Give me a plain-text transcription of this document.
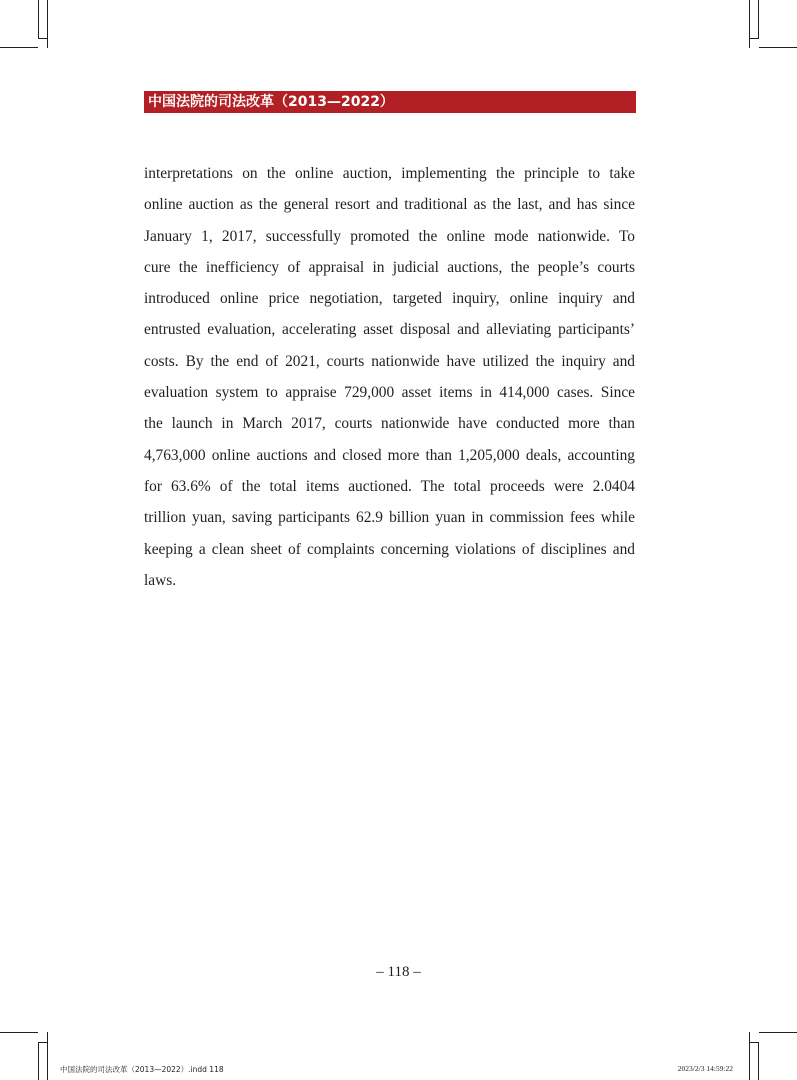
中国法院的司法改革（2013—2022）

interpretations on the online auction, implementing the principle to take
online auction as the general resort and traditional as the last, and has since
January 1, 2017, successfully promoted the online mode nationwide. To
cure the inefficiency of appraisal in judicial auctions, the people’s courts
introduced online price negotiation, targeted inquiry, online inquiry and
entrusted evaluation, accelerating asset disposal and alleviating participants’
costs. By the end of 2021, courts nationwide have utilized the inquiry and
evaluation system to appraise 729,000 asset items in 414,000 cases. Since
the launch in March 2017, courts nationwide have conducted more than
4,763,000 online auctions and closed more than 1,205,000 deals, accounting
for 63.6% of the total items auctioned. The total proceeds were 2.0404
trillion yuan, saving participants 62.9 billion yuan in commission fees while
keeping a clean sheet of complaints concerning violations of disciplines and
laws.

– 118 –
中国法院的司法改革（2013—2022）.indd 118	2023/2/3 14:59:22
